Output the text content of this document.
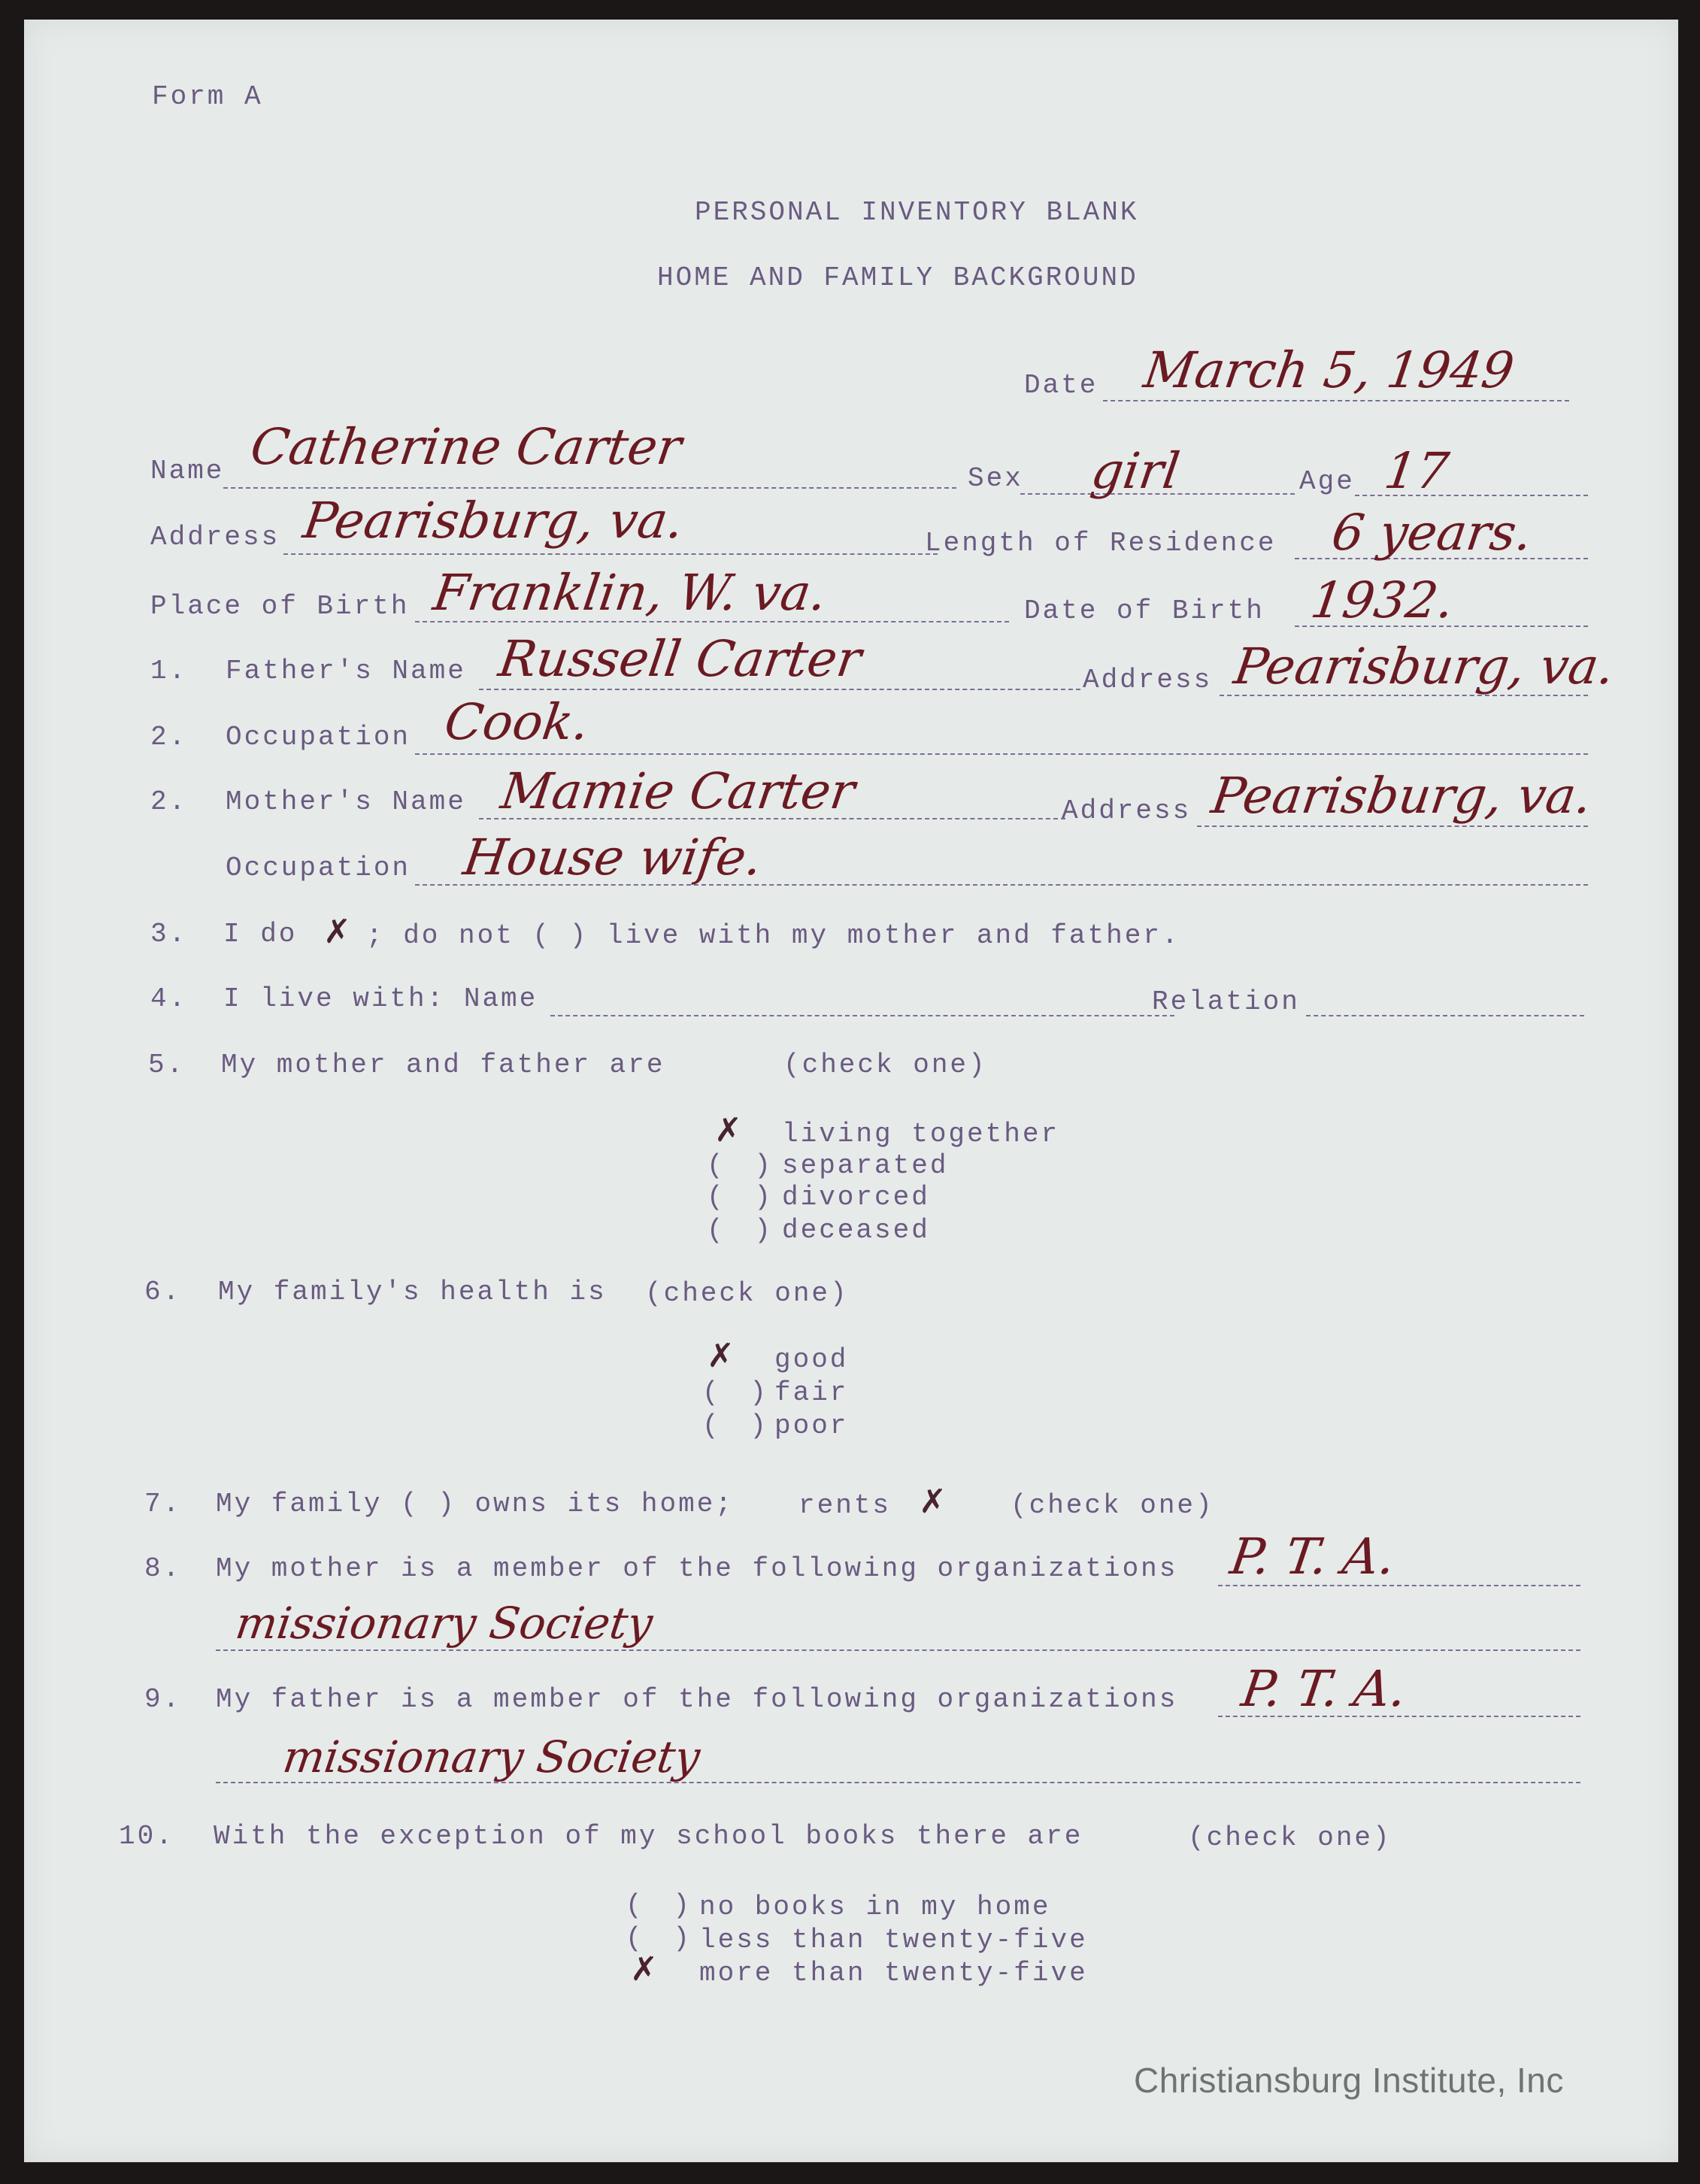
Form A
PERSONAL INVENTORY BLANK
HOME AND FAMILY BACKGROUND
Date March 5, 1949
Name Catherine Carter
Sex girl	Age 17
Address Pearisburg, va.	Length of Residence 6 years.
Place of Birth Franklin, W. va.	Date of Birth 1932.
1. Father's Name Russell Carter	Address Pearisburg, va.
2. Occupation Cook.
2. Mother's Name Mamie Carter	Address Pearisburg, va.
Occupation House wife.
3. I do ✗ ; do not ( ) live with my mother and father.
4. I live with: Name	Relation
5. My mother and father are	(check one)
✗ living together
( ) separated
( ) divorced
( ) deceased
6. My family's health is (check one)
✗ good
( ) fair
( ) poor
7. My family ( ) owns its home; rents ✗ (check one)
8. My mother is a member of the following organizations P. T. A.
missionary Society
9. My father is a member of the following organizations P. T. A.
missionary Society
10. With the exception of my school books there are	(check one)
( ) no books in my home
( ) less than twenty-five
✗ more than twenty-five
Christiansburg Institute, Inc
